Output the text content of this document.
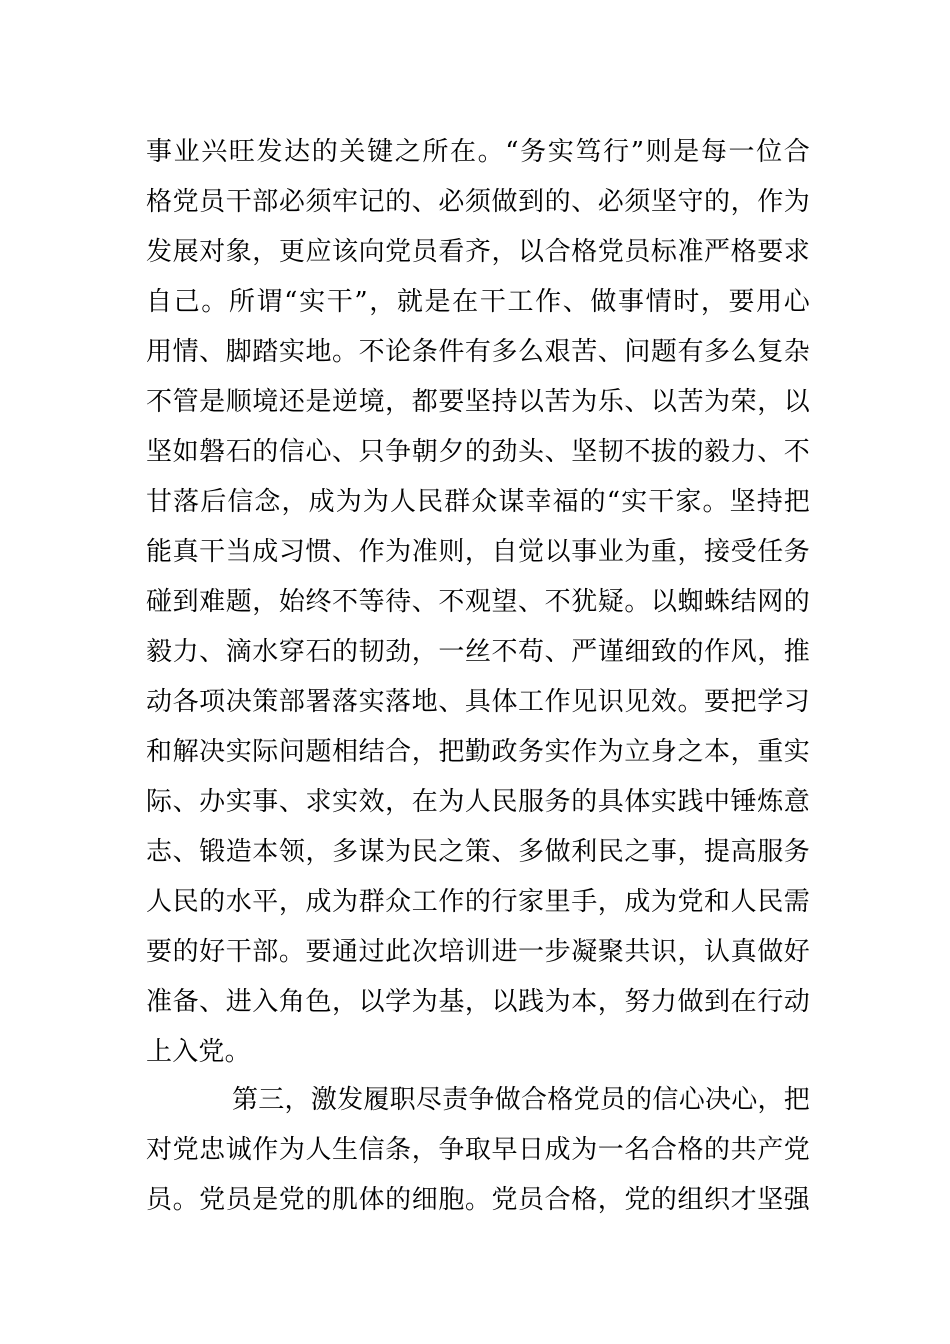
事业兴旺发达的关键之所在。“务实笃行”则是每一位合
格党员干部必须牢记的、必须做到的、必须坚守的，作为
发展对象，更应该向党员看齐，以合格党员标准严格要求
自己。所谓“实干”，就是在干工作、做事情时，要用心
用情、脚踏实地。不论条件有多么艰苦、问题有多么复杂
不管是顺境还是逆境，都要坚持以苦为乐、以苦为荣，以
坚如磐石的信心、只争朝夕的劲头、坚韧不拔的毅力、不
甘落后信念，成为为人民群众谋幸福的“实干家。坚持把
能真干当成习惯、作为准则，自觉以事业为重，接受任务
碰到难题，始终不等待、不观望、不犹疑。以蜘蛛结网的
毅力、滴水穿石的韧劲，一丝不苟、严谨细致的作风，推
动各项决策部署落实落地、具体工作见识见效。要把学习
和解决实际问题相结合，把勤政务实作为立身之本，重实
际、办实事、求实效，在为人民服务的具体实践中锤炼意
志、锻造本领，多谋为民之策、多做利民之事，提高服务
人民的水平，成为群众工作的行家里手，成为党和人民需
要的好干部。要通过此次培训进一步凝聚共识，认真做好
准备、进入角色，以学为基，以践为本，努力做到在行动
上入党。
第三，激发履职尽责争做合格党员的信心决心，把
对党忠诚作为人生信条，争取早日成为一名合格的共产党
员。党员是党的肌体的细胞。党员合格，党的组织才坚强
